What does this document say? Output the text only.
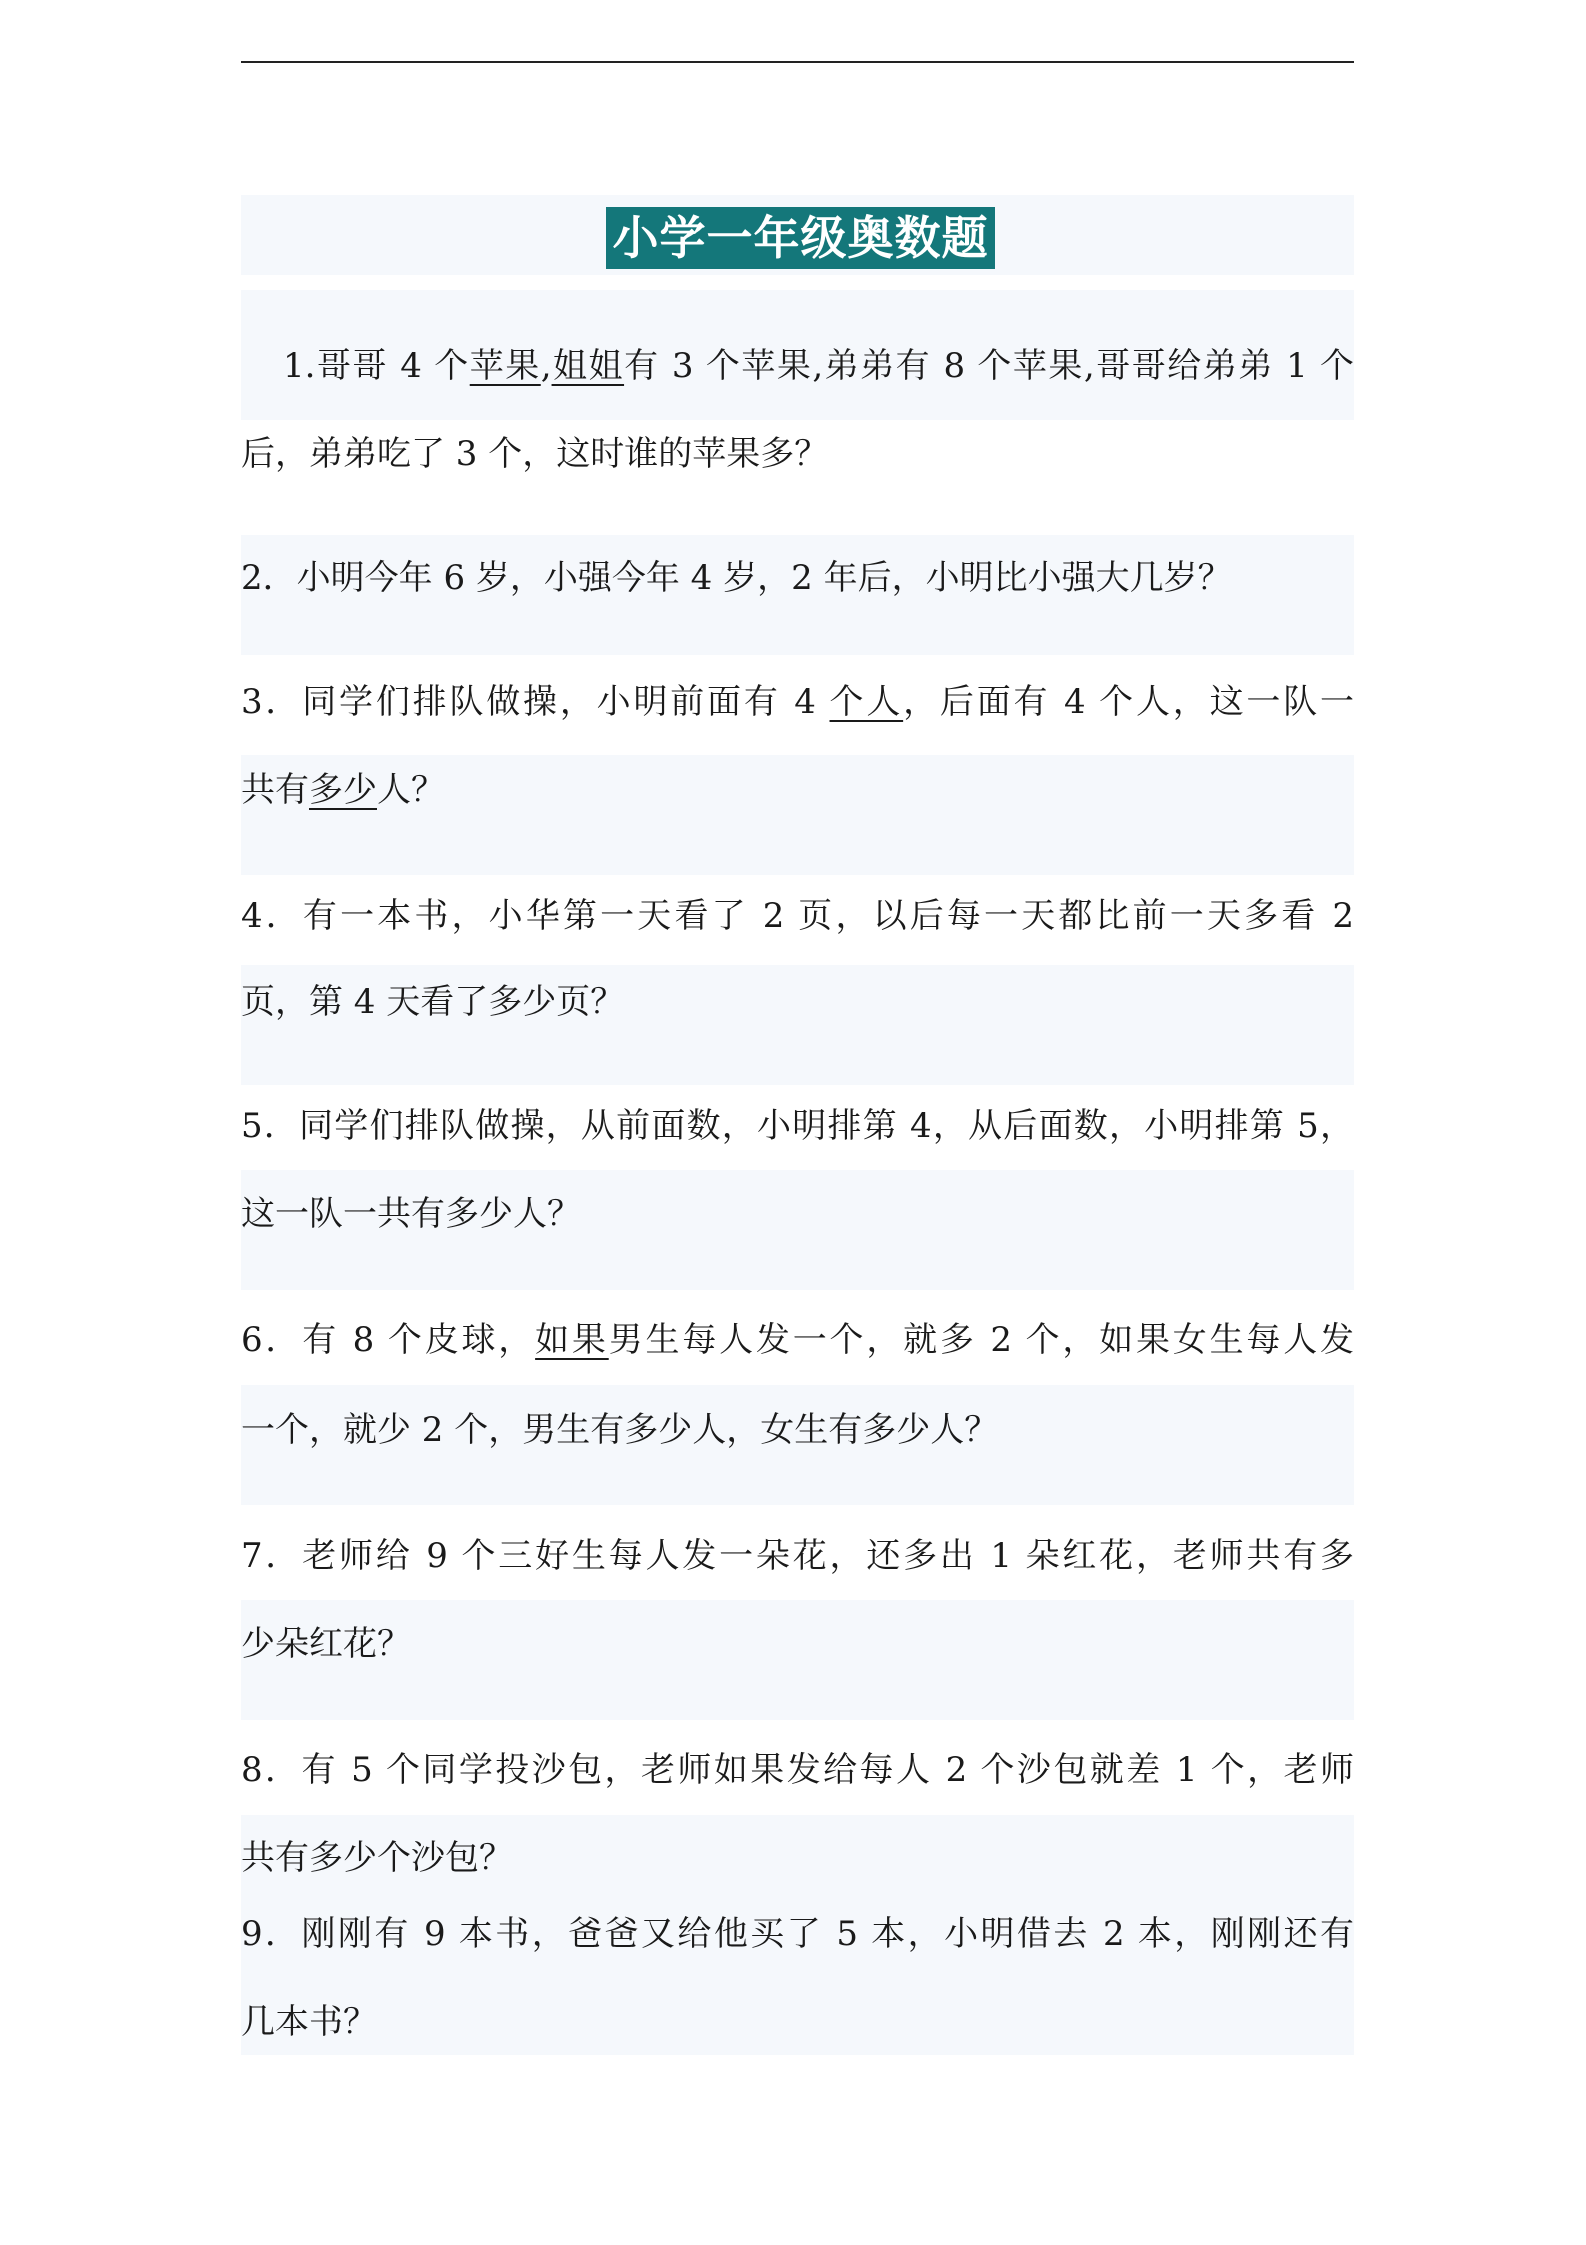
小学一年级奥数题
1.哥哥 4 个苹果,姐姐有 3 个苹果,弟弟有 8 个苹果,哥哥给弟弟 1 个
后，弟弟吃了 3 个，这时谁的苹果多？
2．小明今年 6 岁，小强今年 4 岁，2 年后，小明比小强大几岁？
3．同学们排队做操，小明前面有 4 个人，后面有 4 个人，这一队一
共有多少人？
4．有一本书，小华第一天看了 2 页，以后每一天都比前一天多看 2
页，第 4 天看了多少页？
5．同学们排队做操，从前面数，小明排第 4，从后面数，小明排第 5，
这一队一共有多少人？
6．有 8 个皮球，如果男生每人发一个，就多 2 个，如果女生每人发
一个，就少 2 个，男生有多少人，女生有多少人？
7．老师给 9 个三好生每人发一朵花，还多出 1 朵红花，老师共有多
少朵红花？
8．有 5 个同学投沙包，老师如果发给每人 2 个沙包就差 1 个，老师
共有多少个沙包？
9．刚刚有 9 本书，爸爸又给他买了 5 本，小明借去 2 本，刚刚还有
几本书？
